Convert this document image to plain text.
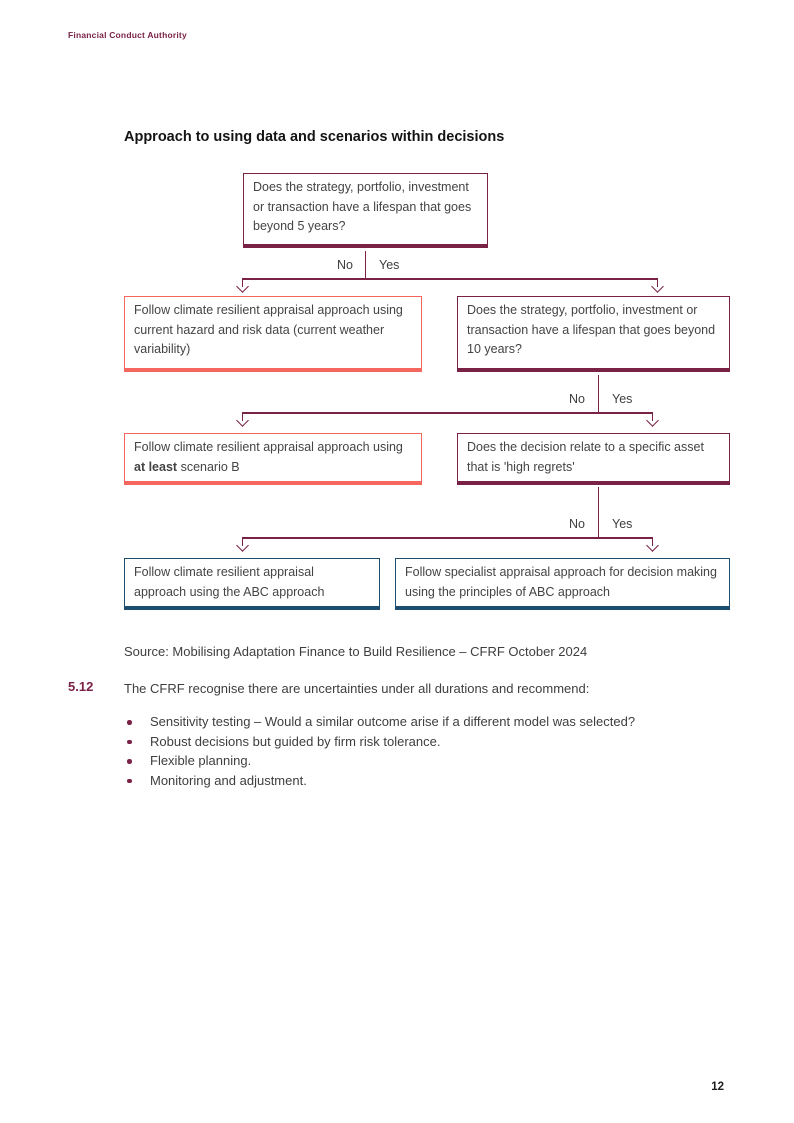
Financial Conduct Authority
Approach to using data and scenarios within decisions
Does the strategy, portfolio, investment or transaction have a lifespan that goes beyond 5 years?
Follow climate resilient appraisal approach using current hazard and risk data (current weather variability)
Does the strategy, portfolio, investment or transaction have a lifespan that goes beyond 10 years?
Follow climate resilient appraisal approach using at least scenario B
Does the decision relate to a specific asset that is 'high regrets'
Follow climate resilient appraisal approach using the ABC approach
Follow specialist appraisal approach for decision making using the principles of ABC approach
No Yes
No Yes
No Yes
Source: Mobilising Adaptation Finance to Build Resilience – CFRF October 2024
5.12 The CFRF recognise there are uncertainties under all durations and recommend:
Sensitivity testing – Would a similar outcome arise if a different model was selected?
Robust decisions but guided by firm risk tolerance.
Flexible planning.
Monitoring and adjustment.
12
